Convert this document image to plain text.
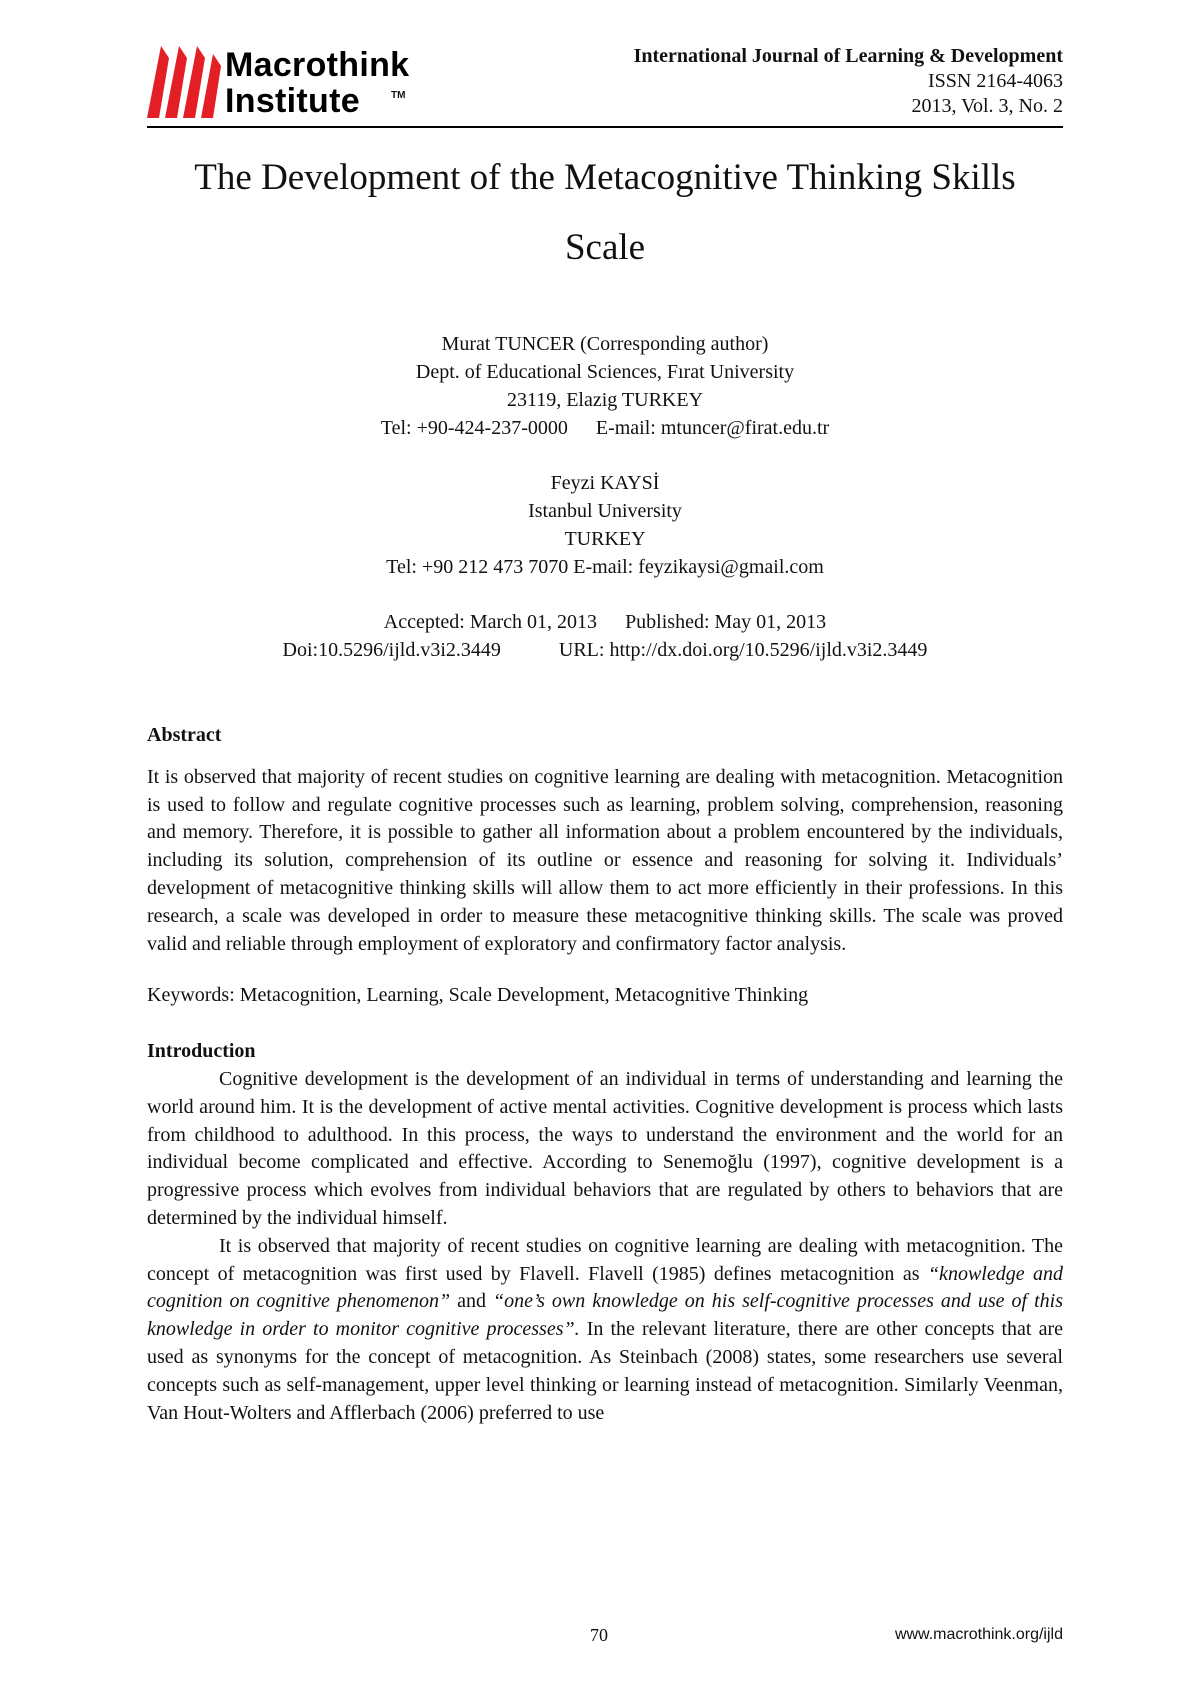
Macrothink
Institute	TM
International Journal of Learning & Development
ISSN 2164-4063
2013, Vol. 3, No. 2
The Development of the Metacognitive Thinking Skills
Scale
Murat TUNCER (Corresponding author)
Dept. of Educational Sciences, Fırat University
23119, Elazig TURKEY
Tel: +90-424-237-0000 E-mail: mtuncer@firat.edu.tr
Feyzi KAYSİ
Istanbul University
TURKEY
Tel: +90 212 473 7070 E-mail: feyzikaysi@gmail.com
Accepted: March 01, 2013 Published: May 01, 2013
Doi:10.5296/ijld.v3i2.3449	URL: http://dx.doi.org/10.5296/ijld.v3i2.3449
Abstract

It is observed that majority of recent studies on cognitive learning are dealing with metacognition. Metacognition is used to follow and regulate cognitive processes such as learning, problem solving, comprehension, reasoning and memory. Therefore, it is possible to gather all information about a problem encountered by the individuals, including its solution, comprehension of its outline or essence and reasoning for solving it. Individuals’ development of metacognitive thinking skills will allow them to act more efficiently in their professions. In this research, a scale was developed in order to measure these metacognitive thinking skills. The scale was proved valid and reliable through employment of exploratory and confirmatory factor analysis.

Keywords: Metacognition, Learning, Scale Development, Metacognitive Thinking

Introduction

Cognitive development is the development of an individual in terms of understanding and learning the world around him. It is the development of active mental activities. Cognitive development is process which lasts from childhood to adulthood. In this process, the ways to understand the environment and the world for an individual become complicated and effective. According to Senemoğlu (1997), cognitive development is a progressive process which evolves from individual behaviors that are regulated by others to behaviors that are determined by the individual himself.

It is observed that majority of recent studies on cognitive learning are dealing with metacognition. The concept of metacognition was first used by Flavell. Flavell (1985) defines metacognition as “knowledge and cognition on cognitive phenomenon” and “one’s own knowledge on his self-cognitive processes and use of this knowledge in order to monitor cognitive processes”. In the relevant literature, there are other concepts that are used as synonyms for the concept of metacognition. As Steinbach (2008) states, some researchers use several concepts such as self-management, upper level thinking or learning instead of metacognition. Similarly Veenman, Van Hout-Wolters and Afflerbach (2006) preferred to use

70	www.macrothink.org/ijld
